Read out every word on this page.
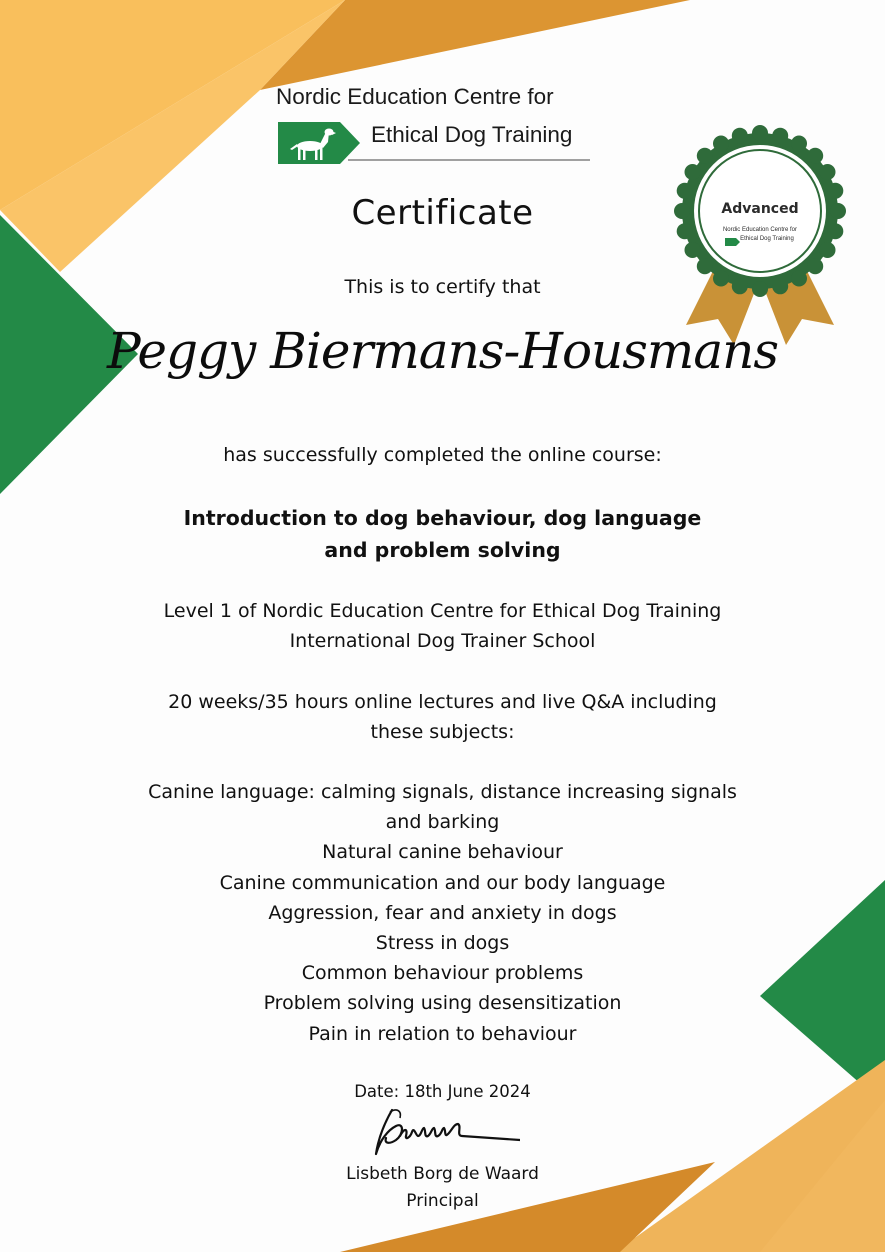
Nordic Education Centre for
Ethical Dog Training
Advanced
Nordic Education Centre for
Ethical Dog Training
Certificate
This is to certify that
Peggy Biermans-Housmans
has successfully completed the online course:
Introduction to dog behaviour, dog language
and problem solving
Level 1 of Nordic Education Centre for Ethical Dog Training
International Dog Trainer School
20 weeks/35 hours online lectures and live Q&A including
these subjects:
Canine language: calming signals, distance increasing signals
and barking
Natural canine behaviour
Canine communication and our body language
Aggression, fear and anxiety in dogs
Stress in dogs
Common behaviour problems
Problem solving using desensitization
Pain in relation to behaviour
Date: 18th June 2024
Lisbeth Borg de Waard
Principal
